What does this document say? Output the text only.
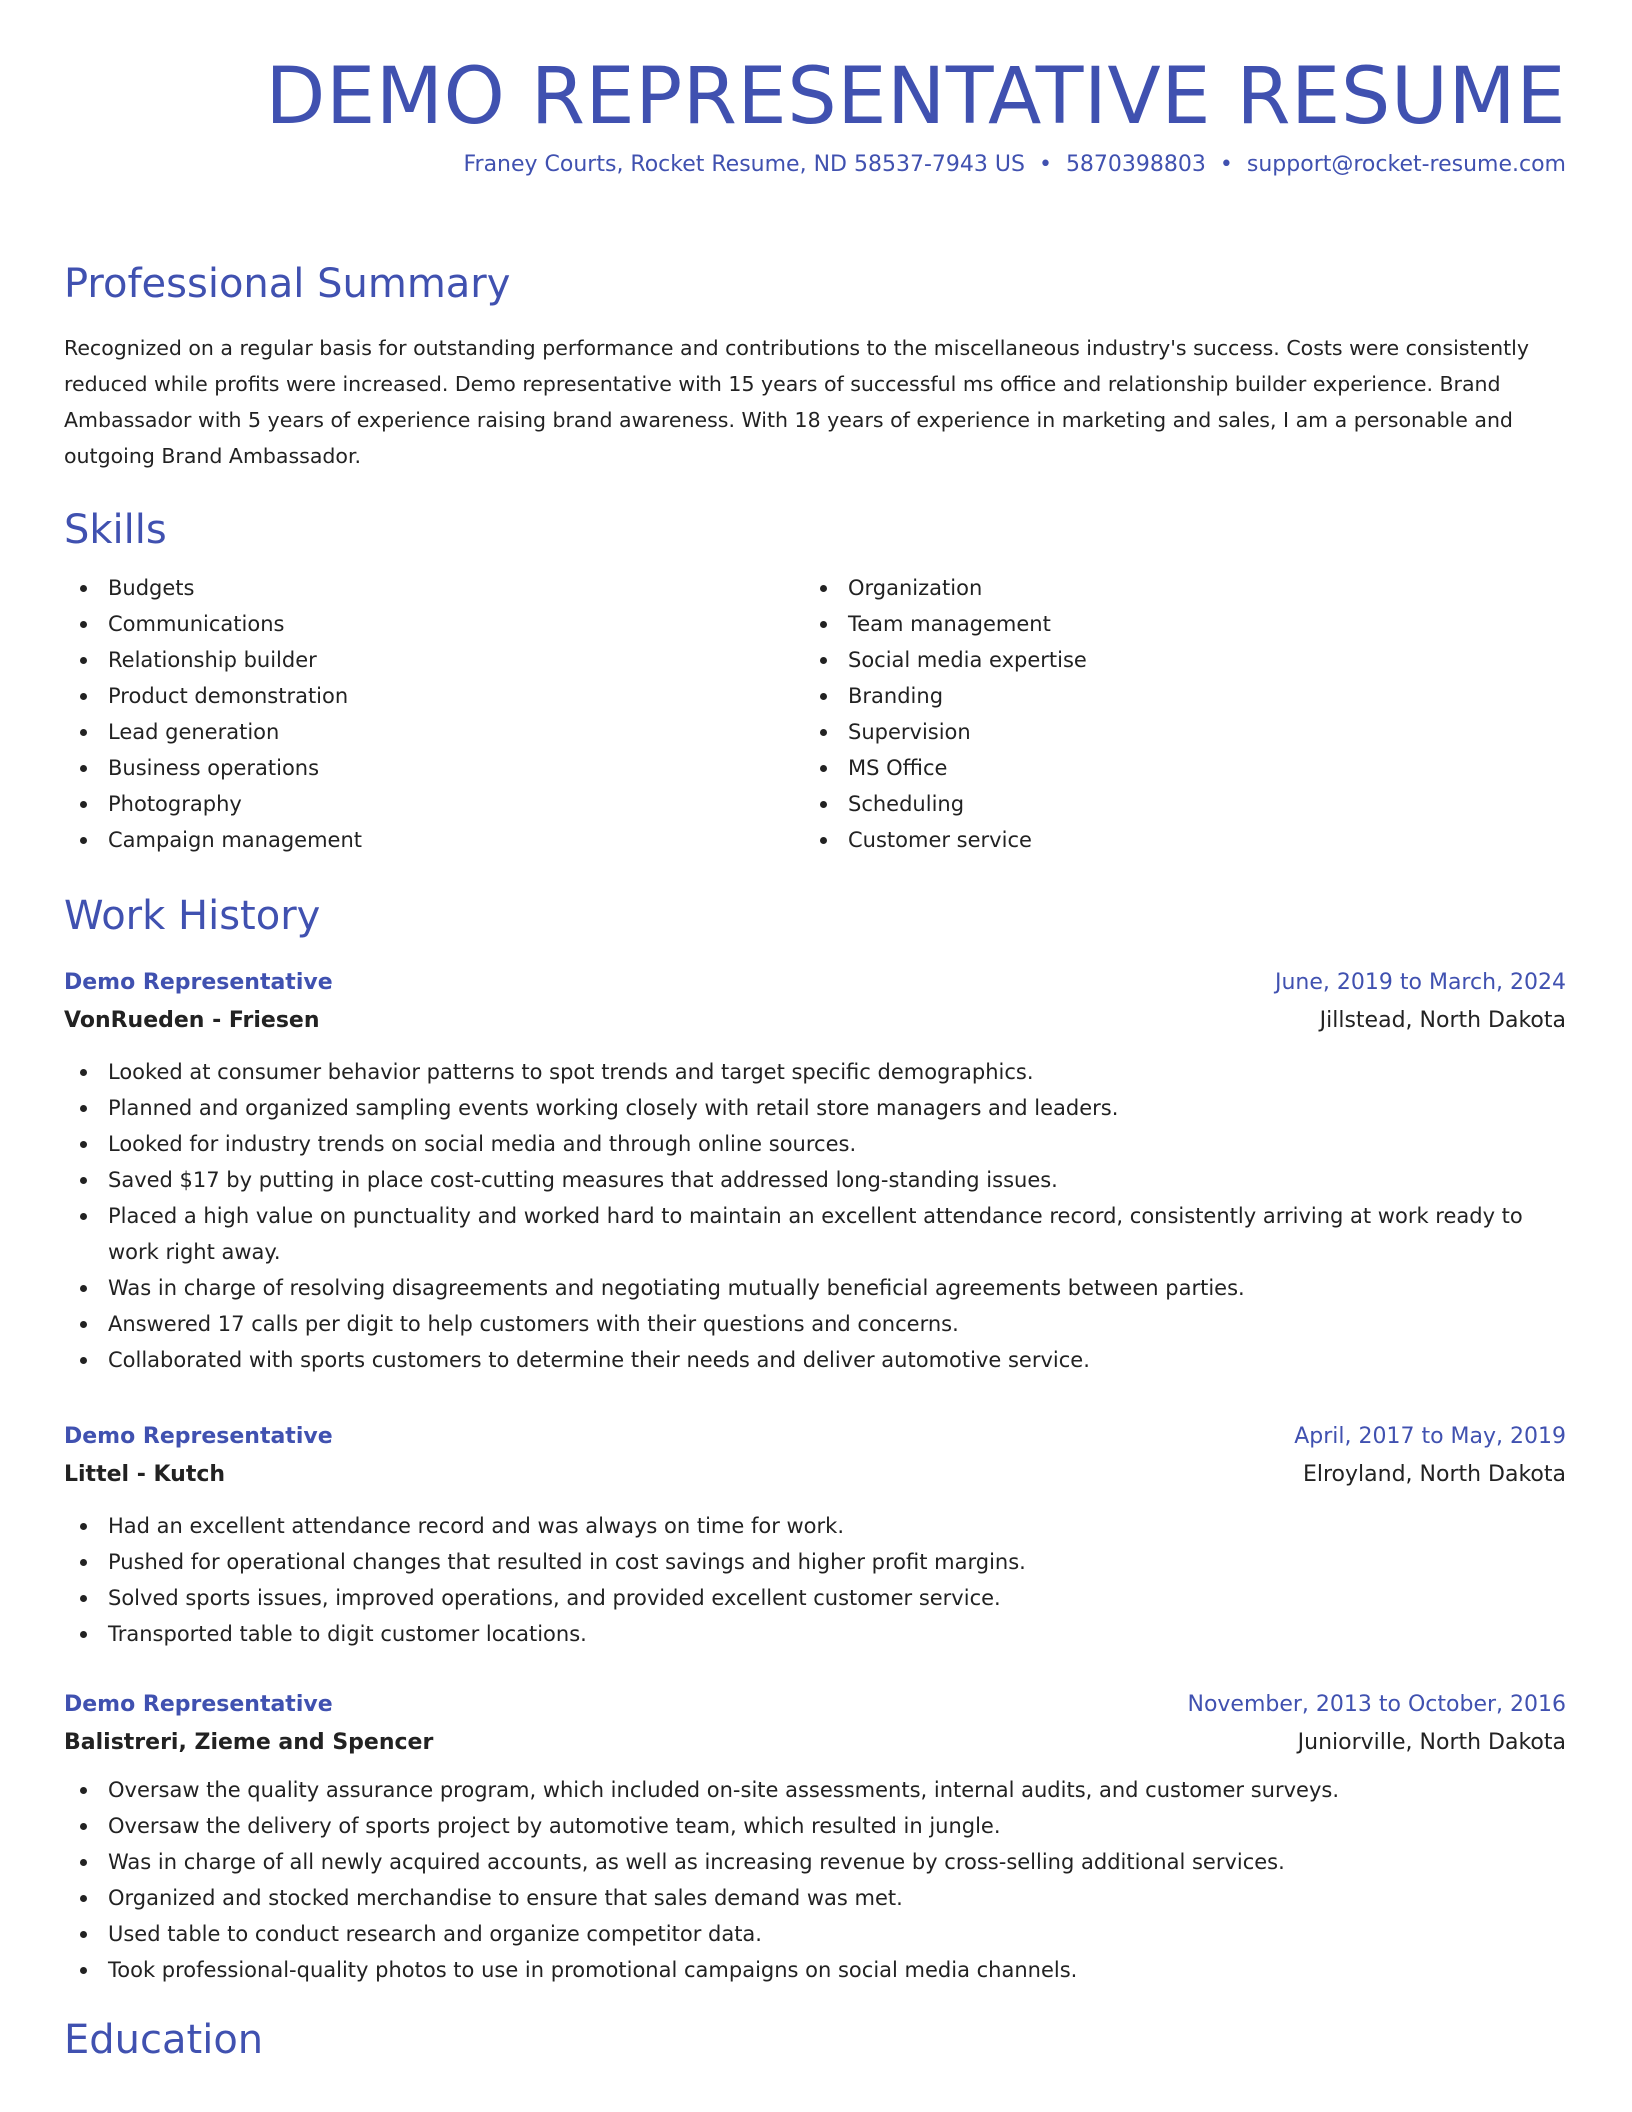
DEMO REPRESENTATIVE RESUME
Franey Courts, Rocket Resume, ND 58537-7943 US • 5870398803 • support@rocket-resume.com
Professional Summary

Recognized on a regular basis for outstanding performance and contributions to the miscellaneous industry's success. Costs were consistently reduced while profits were increased. Demo representative with 15 years of successful ms office and relationship builder experience. Brand Ambassador with 5 years of experience raising brand awareness. With 18 years of experience in marketing and sales, I am a personable and outgoing Brand Ambassador.

Skills
Budgets
Communications
Relationship builder
Product demonstration
Lead generation
Business operations
Photography
Campaign management
Organization
Team management
Social media expertise
Branding
Supervision
MS Office
Scheduling
Customer service
Work History
Demo Representative	June, 2019 to March, 2024
VonRueden - Friesen	Jillstead, North Dakota
Looked at consumer behavior patterns to spot trends and target specific demographics.
Planned and organized sampling events working closely with retail store managers and leaders.
Looked for industry trends on social media and through online sources.
Saved $17 by putting in place cost-cutting measures that addressed long-standing issues.
Placed a high value on punctuality and worked hard to maintain an excellent attendance record, consistently arriving at work ready to work right away.
Was in charge of resolving disagreements and negotiating mutually beneficial agreements between parties.
Answered 17 calls per digit to help customers with their questions and concerns.
Collaborated with sports customers to determine their needs and deliver automotive service.
Demo Representative	April, 2017 to May, 2019
Littel - Kutch	Elroyland, North Dakota
Had an excellent attendance record and was always on time for work.
Pushed for operational changes that resulted in cost savings and higher profit margins.
Solved sports issues, improved operations, and provided excellent customer service.
Transported table to digit customer locations.
Demo Representative	November, 2013 to October, 2016
Balistreri, Zieme and Spencer	Juniorville, North Dakota
Oversaw the quality assurance program, which included on-site assessments, internal audits, and customer surveys.
Oversaw the delivery of sports project by automotive team, which resulted in jungle.
Was in charge of all newly acquired accounts, as well as increasing revenue by cross-selling additional services.
Organized and stocked merchandise to ensure that sales demand was met.
Used table to conduct research and organize competitor data.
Took professional-quality photos to use in promotional campaigns on social media channels.
Education
